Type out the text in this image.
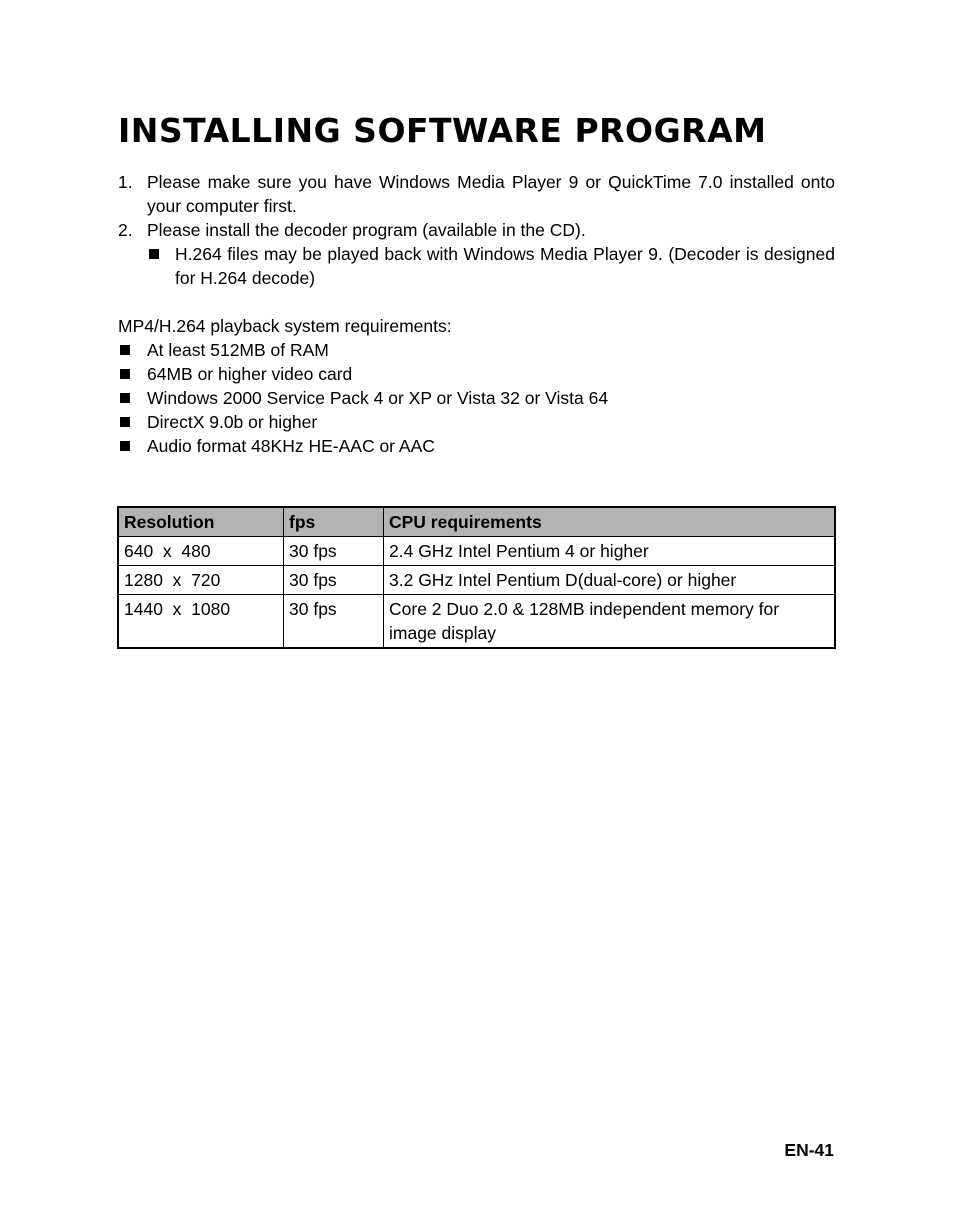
INSTALLING SOFTWARE PROGRAM
1. Please make sure you have Windows Media Player 9 or QuickTime 7.0 installed onto your computer first.
2. Please install the decoder program (available in the CD).
H.264 files may be played back with Windows Media Player 9. (Decoder is designed for H.264 decode)

MP4/H.264 playback system requirements:

At least 512MB of RAM
64MB or higher video card
Windows 2000 Service Pack 4 or XP or Vista 32 or Vista 64
DirectX 9.0b or higher
Audio format 48KHz HE-AAC or AAC
Resolution	fps	CPU requirements
640  x  480	30 fps	2.4 GHz Intel Pentium 4 or higher
1280  x  720	30 fps	3.2 GHz Intel Pentium D(dual-core) or higher
1440  x  1080	30 fps	Core 2 Duo 2.0 & 128MB independent memory for image display

EN-41
